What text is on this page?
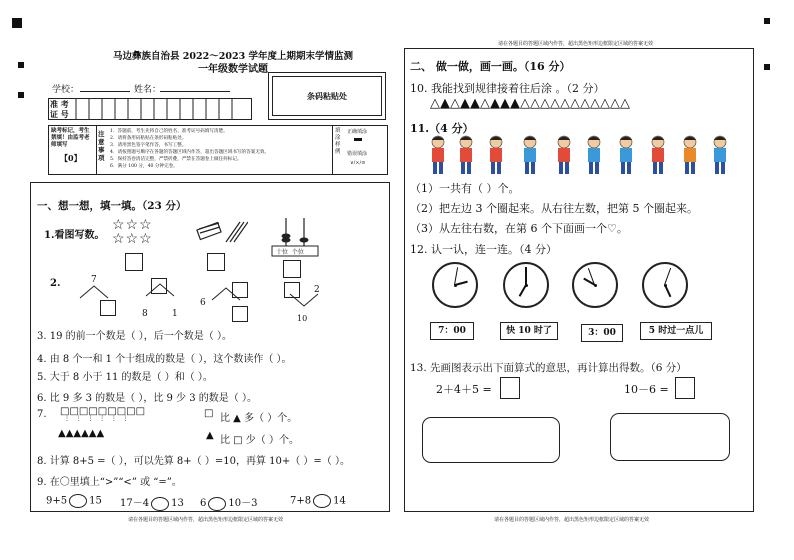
马边彝族自治县 2022～2023 学年度上期期末学情监测
一年级数学试题
学校：	姓名：
准 考 证 号
条码粘贴处
缺考标记，考生禁填！由监考老师填写
【0】
注意事项
1．答题前，考生先将自己的姓名、准考证号码填写清楚。
2．请将条形码粘贴在条形码粘贴处。
3．请用黑色签字笔作答，书写工整。
4．请按照题号顺序在各题的答题区域内作答，超出答题区域书写的答案无效。
5．保持答卷清洁完整，严禁折叠，严禁在答题卷上做任何标记。
6．满分 100 分，40 分钟完卷。
填涂样例
正确填涂
错误填涂
∨/×/⊙
一、想一想，填一填。（23 分）
1.看图写数。
☆☆☆
☆☆☆
十位 个位
2.	7
8	1
6
2
10
3. 19 的前一个数是（ ），后一个数是（ ）。
4. 由 8 个一和 1 个十组成的数是（ ），这个数读作（ ）。
5. 大于 8 小于 11 的数是（ ）和（ ）。
6. 比 9 多 3 的数是（ ），比 9 少 3 的数是（ ）。
7. □□□□□□□□□
⋮   ⋮   ⋮   ⋮   ⋮   ⋮
▲▲▲▲▲▲
□ 比 ▲ 多（ ）个。
▲ 比 □ 少（ ）个。
8. 计算 8+5 =（ ），可以先算 8+（ ）=10，再算 10+（ ）=（ ）。
9. 在〇里填上“>”“<” 或 “=”。
9+5 15 17－4 13 6 10－3	7+8 14
请在各题目的答题区域内作答，超出黑色矩形边框限定区域的答案无效
请在各题目的答题区域内作答，超出黑色矩形边框限定区域的答案无效
二、 做一做，画一画。（16 分）
10. 我能找到规律接着往后涂 。（2 分）
△▲△▲▲△▲▲▲△△△△△△△△△△△
11.（4 分）
（1）一共有（ ）个。
（2）把左边 3 个圈起来。从右往左数，把第 5 个圈起来。
（3）从左往右数，在第 6 个下面画一个♡。
12. 认一认，连一连。（4 分）
7：00	快 10 时了	3：00	5 时过一点儿
13. 先画图表示出下面算式的意思，再计算出得数。（6 分）
2＋4＋5 =	10－6 =
请在各题目的答题区域内作答，超出黑色矩形边框限定区域的答案无效
